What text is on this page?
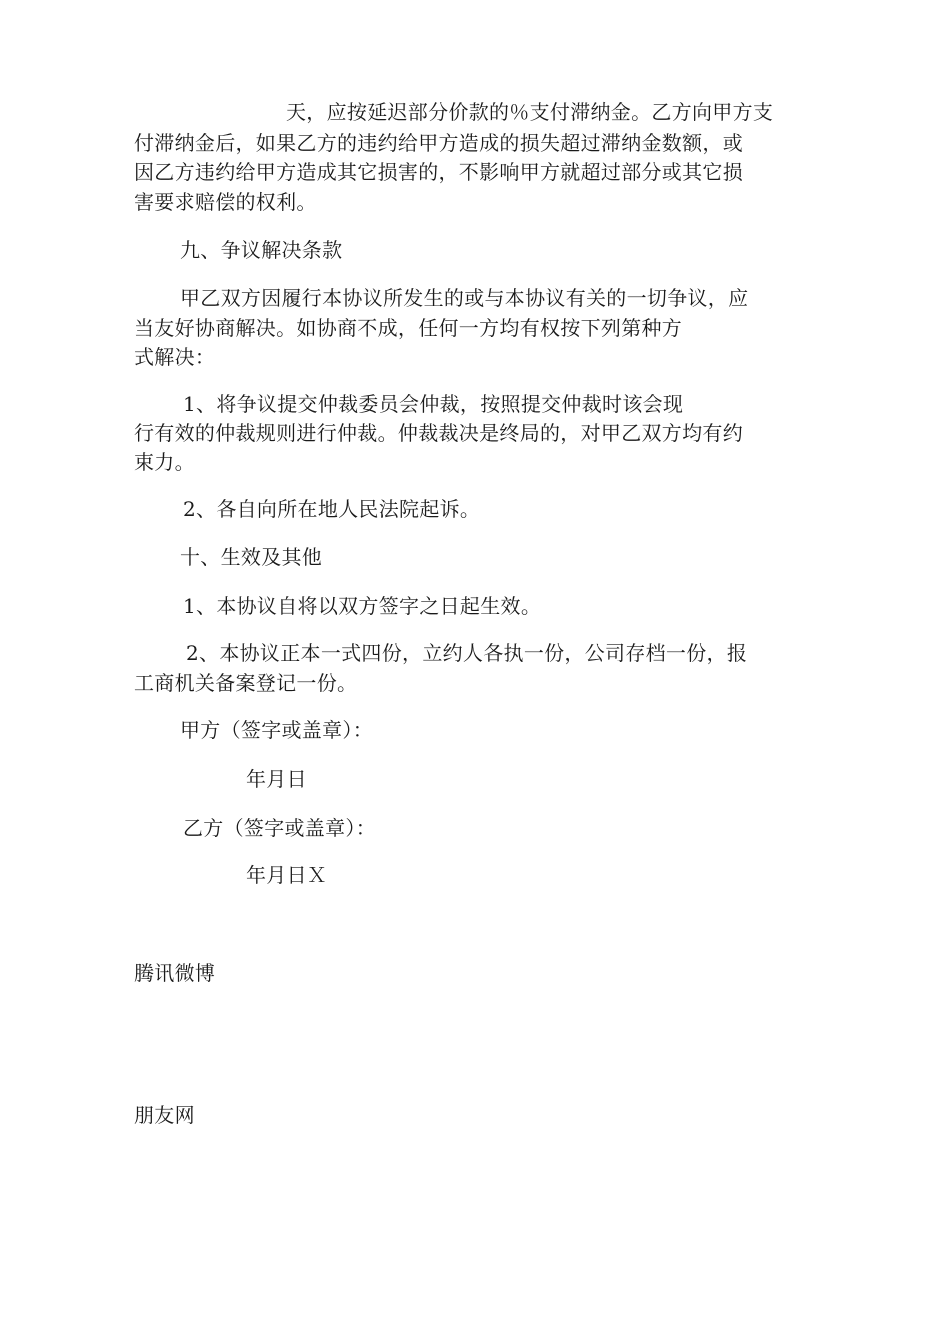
天，应按延迟部分价款的％支付滞纳金。乙方向甲方支
付滞纳金后，如果乙方的违约给甲方造成的损失超过滞纳金数额，或
因乙方违约给甲方造成其它损害的，不影响甲方就超过部分或其它损
害要求赔偿的权利。
九、争议解决条款
甲乙双方因履行本协议所发生的或与本协议有关的一切争议，应
当友好协商解决。如协商不成，任何一方均有权按下列第种方
式解决：
1、将争议提交仲裁委员会仲裁，按照提交仲裁时该会现
行有效的仲裁规则进行仲裁。仲裁裁决是终局的，对甲乙双方均有约
束力。
2、各自向所在地人民法院起诉。
十、生效及其他
1、本协议自将以双方签字之日起生效。
2、本协议正本一式四份，立约人各执一份，公司存档一份，报
工商机关备案登记一份。
甲方（签字或盖章）：
年月日
乙方（签字或盖章）：
年月日Ｘ
腾讯微博
朋友网
